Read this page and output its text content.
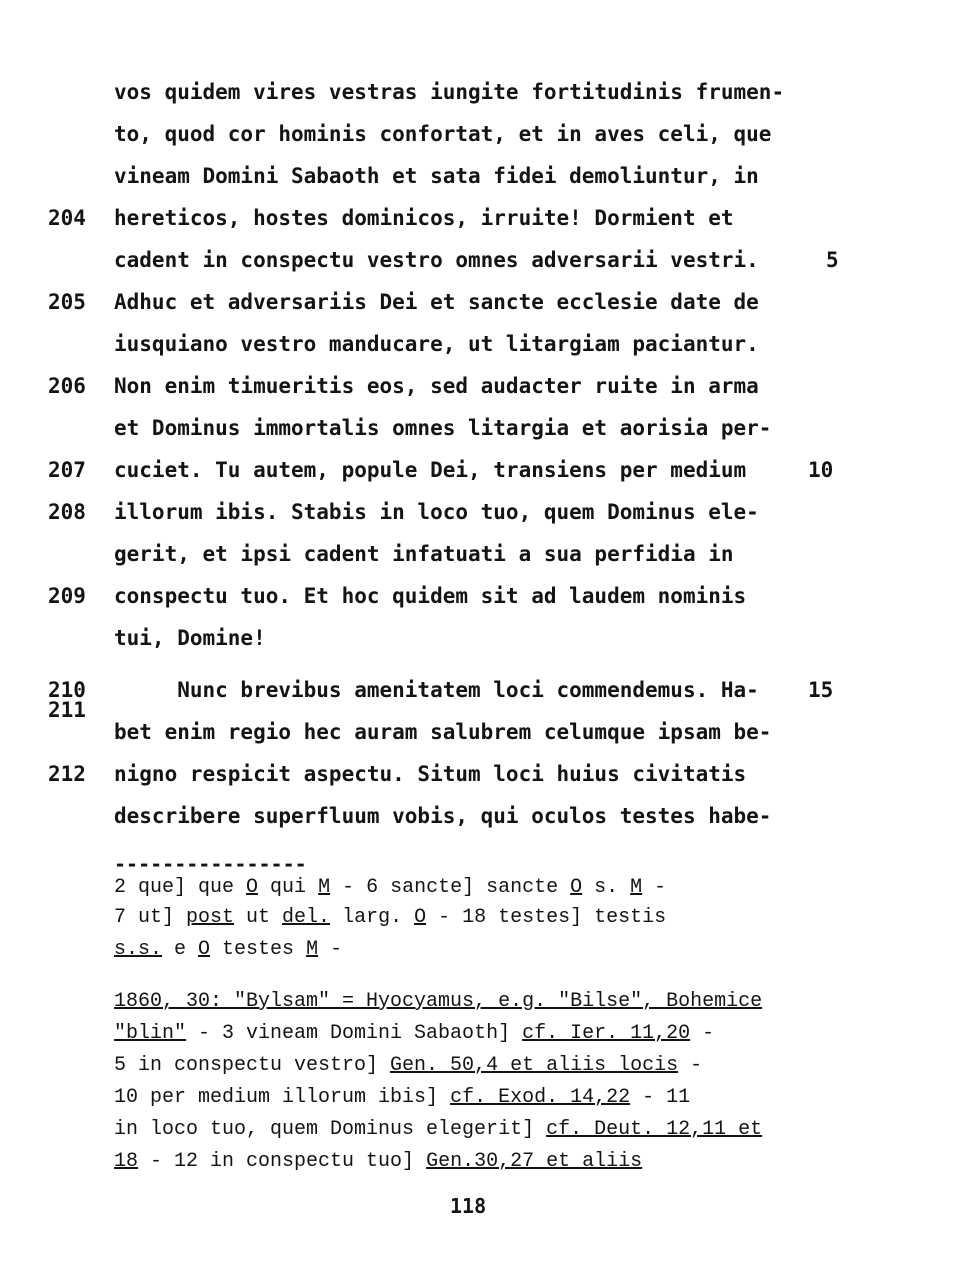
vos quidem vires vestras iungite fortitudinis frumen-
to, quod cor hominis confortat, et in aves celi, que
vineam Domini Sabaoth et sata fidei demoliuntur, in
hereticos, hostes dominicos, irruite! Dormient et
cadent in conspectu vestro omnes adversarii vestri.
Adhuc et adversariis Dei et sancte ecclesie date de
iusquiano vestro manducare, ut litargiam paciantur.
Non enim timueritis eos, sed audacter ruite in arma
et Dominus immortalis omnes litargia et aorisia per-
cuciet. Tu autem, popule Dei, transiens per medium
illorum ibis. Stabis in loco tuo, quem Dominus ele-
gerit, et ipsi cadent infatuati a sua perfidia in
conspectu tuo. Et hoc quidem sit ad laudem nominis
tui, Domine!
Nunc brevibus amenitatem loci commendemus. Ha-
bet enim regio hec auram salubrem celumque ipsam be-
nigno respicit aspectu. Situm loci huius civitatis
describere superfluum vobis, qui oculos testes habe-
204
205
206
207
208
209
210
211
212
5
10
15
----------------
2 que] que O qui M - 6 sancte] sancte O s. M -
7 ut] post ut del. larg. O - 18 testes] testis
s.s. e O testes M -
1860, 30: "Bylsam" = Hyocyamus, e.g. "Bilse", Bohemice
"blin" - 3 vineam Domini Sabaoth] cf. Ier. 11,20 -
5 in conspectu vestro] Gen. 50,4 et aliis locis -
10 per medium illorum ibis] cf. Exod. 14,22 - 11
in loco tuo, quem Dominus elegerit] cf. Deut. 12,11 et
18 - 12 in conspectu tuo] Gen.30,27 et aliis
118
